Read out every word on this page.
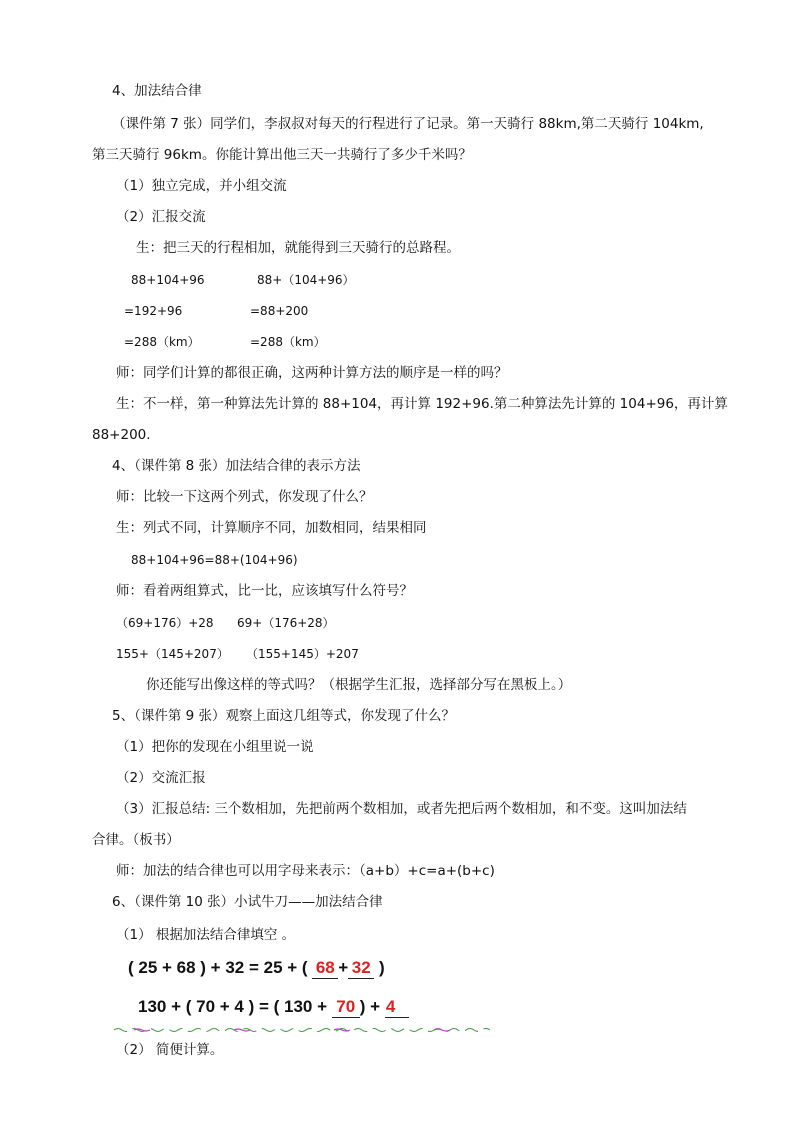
4、加法结合律
（课件第 7 张）同学们，李叔叔对每天的行程进行了记录。第一天骑行 88km,第二天骑行 104km,
第三天骑行 96km。你能计算出他三天一共骑行了多少千米吗？
（1）独立完成，并小组交流
（2）汇报交流
生：把三天的行程相加，就能得到三天骑行的总路程。
88+104+96	88+（104+96）
=192+96	=88+200
=288（km）	=288（km）
师：同学们计算的都很正确，这两种计算方法的顺序是一样的吗？
生：不一样，第一种算法先计算的 88+104，再计算 192+96.第二种算法先计算的 104+96，再计算
88+200.
4、（课件第 8 张）加法结合律的表示方法
师：比较一下这两个列式，你发现了什么？
生：列式不同，计算顺序不同，加数相同，结果相同
88+104+96=88+(104+96)
师：看着两组算式，比一比，应该填写什么符号？
（69+176）+28 69+（176+28）
155+（145+207） （155+145）+207
你还能写出像这样的等式吗？（根据学生汇报，选择部分写在黑板上。）
5、（课件第 9 张）观察上面这几组等式，你发现了什么？
（1）把你的发现在小组里说一说
（2）交流汇报
（3）汇报总结: 三个数相加，先把前两个数相加，或者先把后两个数相加，和不变。这叫加法结
合律。（板书）
师：加法的结合律也可以用字母来表示：（a+b）+c=a+(b+c)
6、（课件第 10 张）小试牛刀——加法结合律
（1） 根据加法结合律填空 。
( 25 + 68 ) + 32 = 25 + ( 68 + 32 )
130 + ( 70 + 4 ) = ( 130 + 70 ) + 4
（2） 简便计算。
